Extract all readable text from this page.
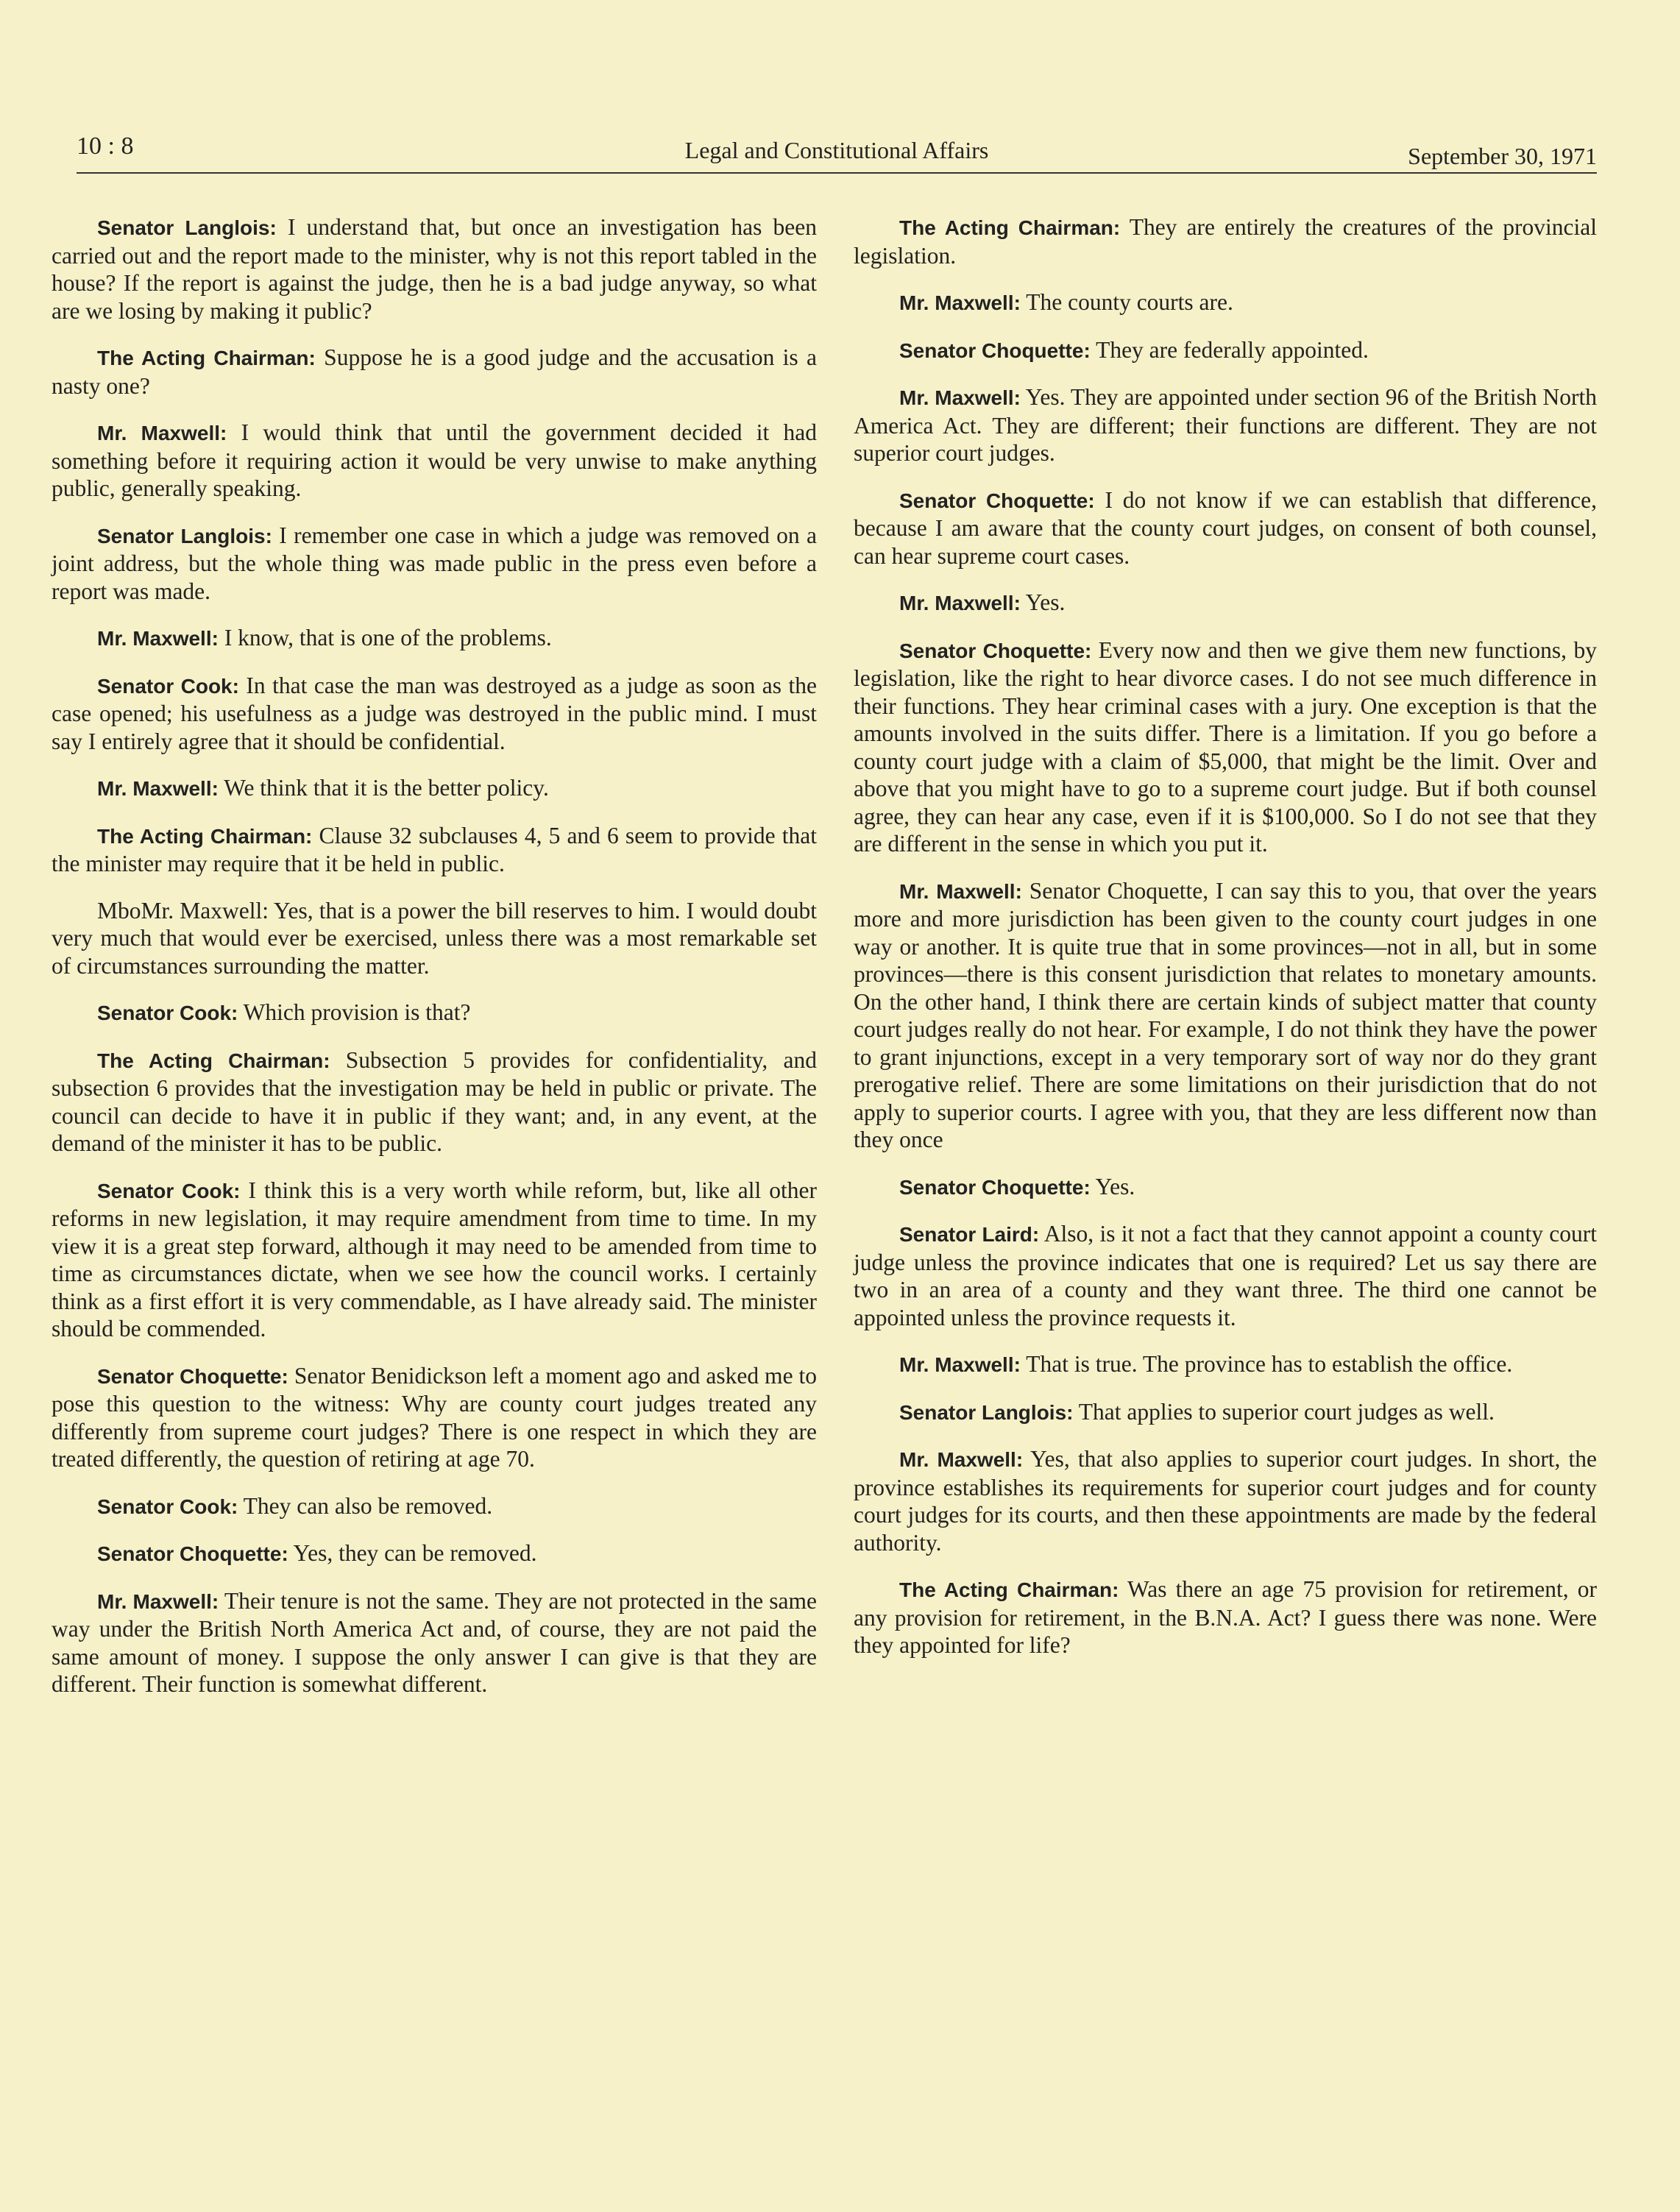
10 : 8	Legal and Constitutional Affairs	September 30, 1971

Senator Langlois: I understand that, but once an investigation has been carried out and the report made to the minister, why is not this report tabled in the house? If the report is against the judge, then he is a bad judge anyway, so what are we losing by making it public?

The Acting Chairman: Suppose he is a good judge and the accusation is a nasty one?

Mr. Maxwell: I would think that until the government decided it had something before it requiring action it would be very unwise to make anything public, generally speaking.

Senator Langlois: I remember one case in which a judge was removed on a joint address, but the whole thing was made public in the press even before a report was made.

Mr. Maxwell: I know, that is one of the problems.

Senator Cook: In that case the man was destroyed as a judge as soon as the case opened; his usefulness as a judge was destroyed in the public mind. I must say I entirely agree that it should be confidential.

Mr. Maxwell: We think that it is the better policy.

The Acting Chairman: Clause 32 subclauses 4, 5 and 6 seem to provide that the minister may require that it be held in public.

MboMr. Maxwell: Yes, that is a power the bill reserves to him. I would doubt very much that would ever be exercised, unless there was a most remarkable set of circumstances surrounding the matter.

Senator Cook: Which provision is that?

The Acting Chairman: Subsection 5 provides for confidentiality, and subsection 6 provides that the investigation may be held in public or private. The council can decide to have it in public if they want; and, in any event, at the demand of the minister it has to be public.

Senator Cook: I think this is a very worth while reform, but, like all other reforms in new legislation, it may require amendment from time to time. In my view it is a great step forward, although it may need to be amended from time to time as circumstances dictate, when we see how the council works. I certainly think as a first effort it is very commendable, as I have already said. The minister should be commended.

Senator Choquette: Senator Benidickson left a moment ago and asked me to pose this question to the witness: Why are county court judges treated any differently from supreme court judges? There is one respect in which they are treated differently, the question of retiring at age 70.

Senator Cook: They can also be removed.

Senator Choquette: Yes, they can be removed.

Mr. Maxwell: Their tenure is not the same. They are not protected in the same way under the British North America Act and, of course, they are not paid the same amount of money. I suppose the only answer I can give is that they are different. Their function is somewhat different.

The Acting Chairman: They are entirely the creatures of the provincial legislation.

Mr. Maxwell: The county courts are.

Senator Choquette: They are federally appointed.

Mr. Maxwell: Yes. They are appointed under section 96 of the British North America Act. They are different; their functions are different. They are not superior court judges.

Senator Choquette: I do not know if we can establish that difference, because I am aware that the county court judges, on consent of both counsel, can hear supreme court cases.

Mr. Maxwell: Yes.

Senator Choquette: Every now and then we give them new functions, by legislation, like the right to hear divorce cases. I do not see much difference in their functions. They hear criminal cases with a jury. One exception is that the amounts involved in the suits differ. There is a limitation. If you go before a county court judge with a claim of $5,000, that might be the limit. Over and above that you might have to go to a supreme court judge. But if both counsel agree, they can hear any case, even if it is $100,000. So I do not see that they are different in the sense in which you put it.

Mr. Maxwell: Senator Choquette, I can say this to you, that over the years more and more jurisdiction has been given to the county court judges in one way or another. It is quite true that in some provinces—not in all, but in some provinces—there is this consent jurisdiction that relates to monetary amounts. On the other hand, I think there are certain kinds of subject matter that county court judges really do not hear. For example, I do not think they have the power to grant injunctions, except in a very temporary sort of way nor do they grant prerogative relief. There are some limitations on their jurisdiction that do not apply to superior courts. I agree with you, that they are less different now than they once

Senator Choquette: Yes.

Senator Laird: Also, is it not a fact that they cannot appoint a county court judge unless the province indicates that one is required? Let us say there are two in an area of a county and they want three. The third one cannot be appointed unless the province requests it.

Mr. Maxwell: That is true. The province has to establish the office.

Senator Langlois: That applies to superior court judges as well.

Mr. Maxwell: Yes, that also applies to superior court judges. In short, the province establishes its requirements for superior court judges and for county court judges for its courts, and then these appointments are made by the federal authority.

The Acting Chairman: Was there an age 75 provision for retirement, or any provision for retirement, in the B.N.A. Act? I guess there was none. Were they appointed for life?
